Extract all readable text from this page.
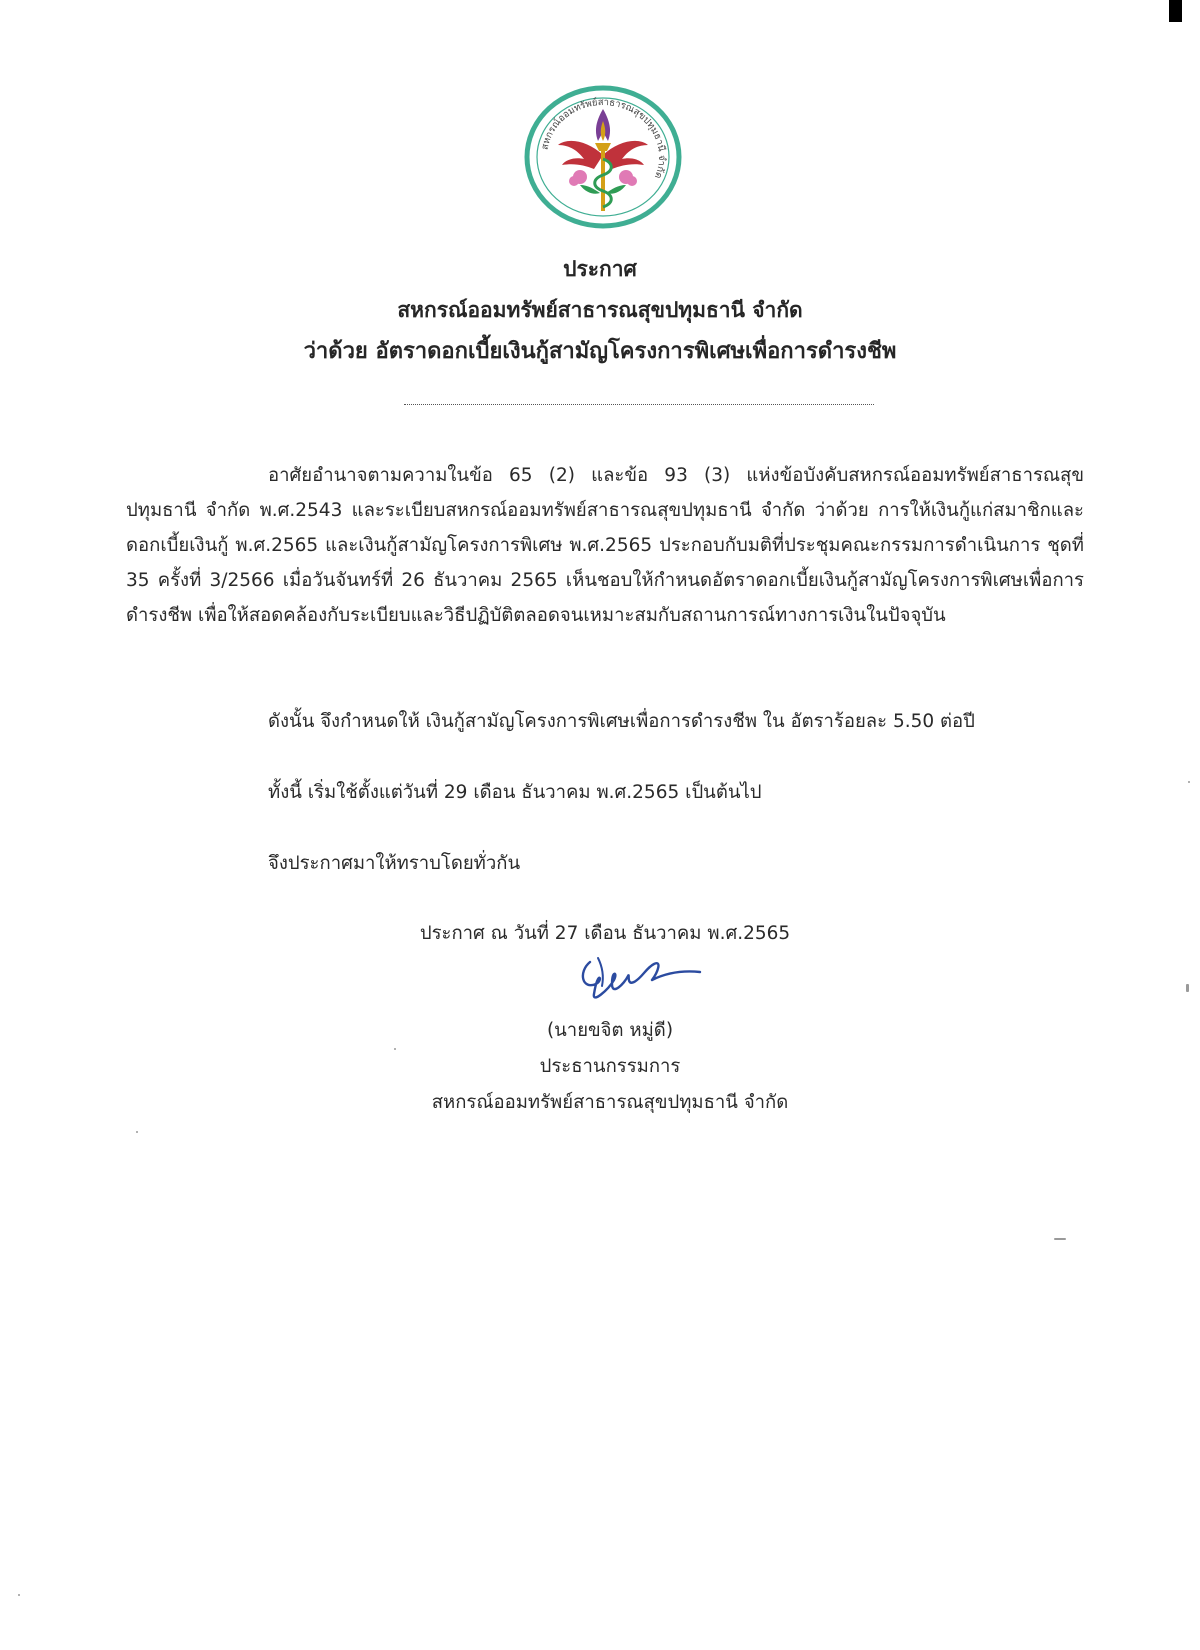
สหกรณ์ออมทรัพย์สาธารณสุขปทุมธานี จำกัด
ประกาศ
สหกรณ์ออมทรัพย์สาธารณสุขปทุมธานี จำกัด
ว่าด้วย อัตราดอกเบี้ยเงินกู้สามัญโครงการพิเศษเพื่อการดำรงชีพ
อาศัยอำนาจตามความในข้อ 65 (2) และข้อ 93 (3) แห่งข้อบังคับสหกรณ์ออมทรัพย์สาธารณสุขปทุมธานี จำกัด พ.ศ.2543 และระเบียบสหกรณ์ออมทรัพย์สาธารณสุขปทุมธานี จำกัด ว่าด้วย การให้เงินกู้แก่สมาชิกและดอกเบี้ยเงินกู้ พ.ศ.2565 และเงินกู้สามัญโครงการพิเศษ พ.ศ.2565 ประกอบกับมติที่ประชุมคณะกรรมการดำเนินการ ชุดที่ 35 ครั้งที่ 3/2566 เมื่อวันจันทร์ที่ 26 ธันวาคม 2565 เห็นชอบให้กำหนดอัตราดอกเบี้ยเงินกู้สามัญโครงการพิเศษเพื่อการดำรงชีพ เพื่อให้สอดคล้องกับระเบียบและวิธีปฏิบัติตลอดจนเหมาะสมกับสถานการณ์ทางการเงินในปัจจุบัน
ดังนั้น จึงกำหนดให้ เงินกู้สามัญโครงการพิเศษเพื่อการดำรงชีพ ใน อัตราร้อยละ 5.50 ต่อปี
ทั้งนี้ เริ่มใช้ตั้งแต่วันที่ 29 เดือน ธันวาคม พ.ศ.2565 เป็นต้นไป
จึงประกาศมาให้ทราบโดยทั่วกัน
ประกาศ ณ วันที่ 27 เดือน ธันวาคม พ.ศ.2565
(นายขจิต หมู่ดี)
ประธานกรรมการ
สหกรณ์ออมทรัพย์สาธารณสุขปทุมธานี จำกัด
